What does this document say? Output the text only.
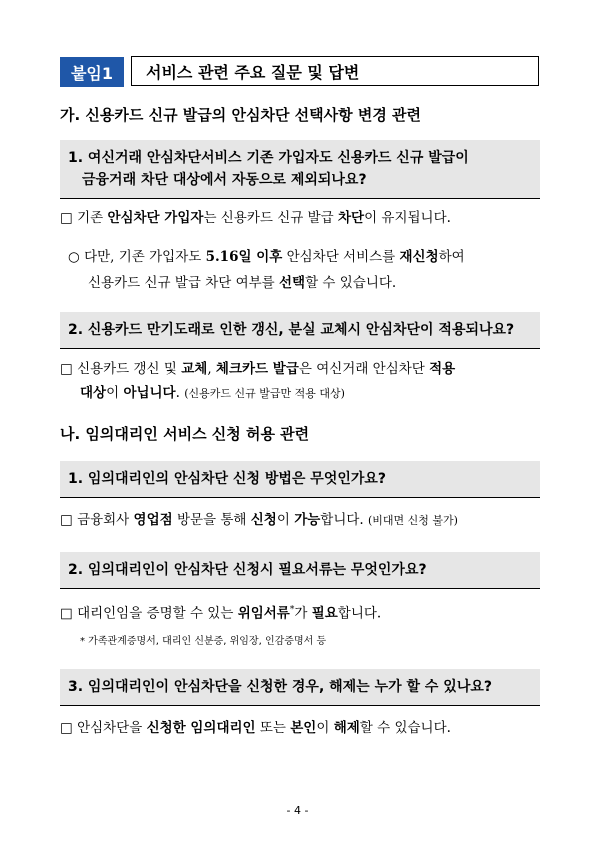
붙임1	서비스 관련 주요 질문 및 답변
가. 신용카드 신규 발급의 안심차단 선택사항 변경 관련
1. 여신거래 안심차단서비스 기존 가입자도 신용카드 신규 발급이
금융거래 차단 대상에서 자동으로 제외되나요?
□ 기존 안심차단 가입자는 신용카드 신규 발급 차단이 유지됩니다.
○ 다만, 기존 가입자도 5.16일 이후 안심차단 서비스를 재신청하여
신용카드 신규 발급 차단 여부를 선택할 수 있습니다.
2. 신용카드 만기도래로 인한 갱신, 분실 교체시 안심차단이 적용되나요?
□ 신용카드 갱신 및 교체, 체크카드 발급은 여신거래 안심차단 적용
대상이 아닙니다. (신용카드 신규 발급만 적용 대상)
나. 임의대리인 서비스 신청 허용 관련
1. 임의대리인의 안심차단 신청 방법은 무엇인가요?
□ 금융회사 영업점 방문을 통해 신청이 가능합니다. (비대면 신청 불가)
2. 임의대리인이 안심차단 신청시 필요서류는 무엇인가요?
□ 대리인임을 증명할 수 있는 위임서류*가 필요합니다.
* 가족관계증명서, 대리인 신분증, 위임장, 인감증명서 등
3. 임의대리인이 안심차단을 신청한 경우, 해제는 누가 할 수 있나요?
□ 안심차단을 신청한 임의대리인 또는 본인이 해제할 수 있습니다.
- 4 -
